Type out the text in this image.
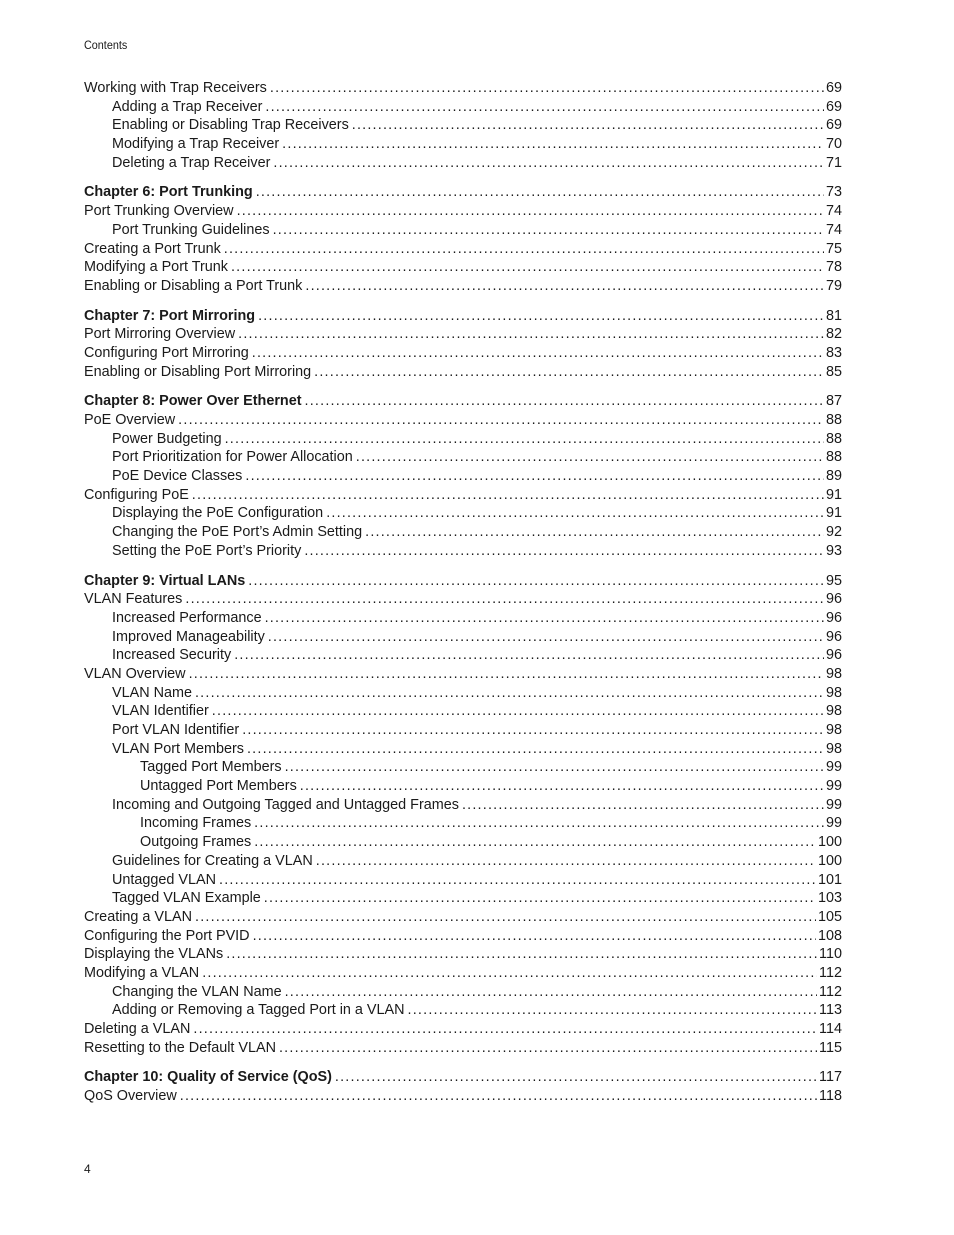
Contents
Working with Trap Receivers .....	69
Adding a Trap Receiver .....	69
Enabling or Disabling Trap Receivers .....	69
Modifying a Trap Receiver .....	70
Deleting a Trap Receiver .....	71
Chapter 6: Port Trunking .....	73
Port Trunking Overview .....	74
Port Trunking Guidelines .....	74
Creating a Port Trunk .....	75
Modifying a Port Trunk .....	78
Enabling or Disabling a Port Trunk .....	79
Chapter 7: Port Mirroring .....	81
Port Mirroring Overview .....	82
Configuring Port Mirroring .....	83
Enabling or Disabling Port Mirroring .....	85
Chapter 8: Power Over Ethernet .....	87
PoE Overview .....	88
Power Budgeting .....	88
Port Prioritization for Power Allocation .....	88
PoE Device Classes .....	89
Configuring PoE .....	91
Displaying the PoE Configuration .....	91
Changing the PoE Port’s Admin Setting .....	92
Setting the PoE Port’s Priority .....	93
Chapter 9: Virtual LANs .....	95
VLAN Features .....	96
Increased Performance .....	96
Improved Manageability .....	96
Increased Security .....	96
VLAN Overview .....	98
VLAN Name .....	98
VLAN Identifier .....	98
Port VLAN Identifier .....	98
VLAN Port Members .....	98
Tagged Port Members .....	99
Untagged Port Members .....	99
Incoming and Outgoing Tagged and Untagged Frames .....	99
Incoming Frames .....	99
Outgoing Frames .....	100
Guidelines for Creating a VLAN .....	100
Untagged VLAN .....	101
Tagged VLAN Example .....	103
Creating a VLAN .....	105
Configuring the Port PVID .....	108
Displaying the VLANs .....	110
Modifying a VLAN .....	112
Changing the VLAN Name .....	112
Adding or Removing a Tagged Port in a VLAN .....	113
Deleting a VLAN .....	114
Resetting to the Default VLAN .....	115
Chapter 10: Quality of Service (QoS) .....	117
QoS Overview .....	118
4
